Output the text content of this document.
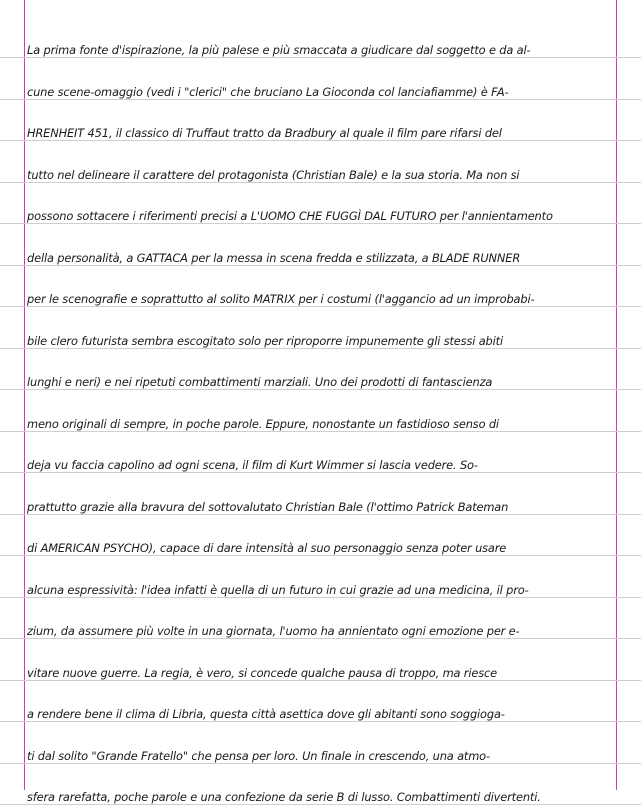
La prima fonte d'ispirazione, la più palese e più smaccata a giudicare dal soggetto e da al-
cune scene-omaggio (vedi i "clerici" che bruciano La Gioconda col lanciafiamme) è FA-
HRENHEIT 451, il classico di Truffaut tratto da Bradbury al quale il film pare rifarsi del
tutto nel delineare il carattere del protagonista (Christian Bale) e la sua storia. Ma non si
possono sottacere i riferimenti precisi a L'UOMO CHE FUGGÌ DAL FUTURO per l'annientamento
della personalità, a GATTACA per la messa in scena fredda e stilizzata, a BLADE RUNNER
per le scenografie e soprattutto al solito MATRIX per i costumi (l'aggancio ad un improbabi-
bile clero futurista sembra escogitato solo per riproporre impunemente gli stessi abiti
lunghi e neri) e nei ripetuti combattimenti marziali. Uno dei prodotti di fantascienza
meno originali di sempre, in poche parole. Eppure, nonostante un fastidioso senso di
deja vu faccia capolino ad ogni scena, il film di Kurt Wimmer si lascia vedere. So-
prattutto grazie alla bravura del sottovalutato Christian Bale (l'ottimo Patrick Bateman
di AMERICAN PSYCHO), capace di dare intensità al suo personaggio senza poter usare
alcuna espressività: l'idea infatti è quella di un futuro in cui grazie ad una medicina, il pro-
zium, da assumere più volte in una giornata, l'uomo ha annientato ogni emozione per e-
vitare nuove guerre. La regia, è vero, si concede qualche pausa di troppo, ma riesce
a rendere bene il clima di Libria, questa città asettica dove gli abitanti sono soggioga-
ti dal solito "Grande Fratello" che pensa per loro. Un finale in crescendo, una atmo-
sfera rarefatta, poche parole e una confezione da serie B di lusso. Combattimenti divertenti.
